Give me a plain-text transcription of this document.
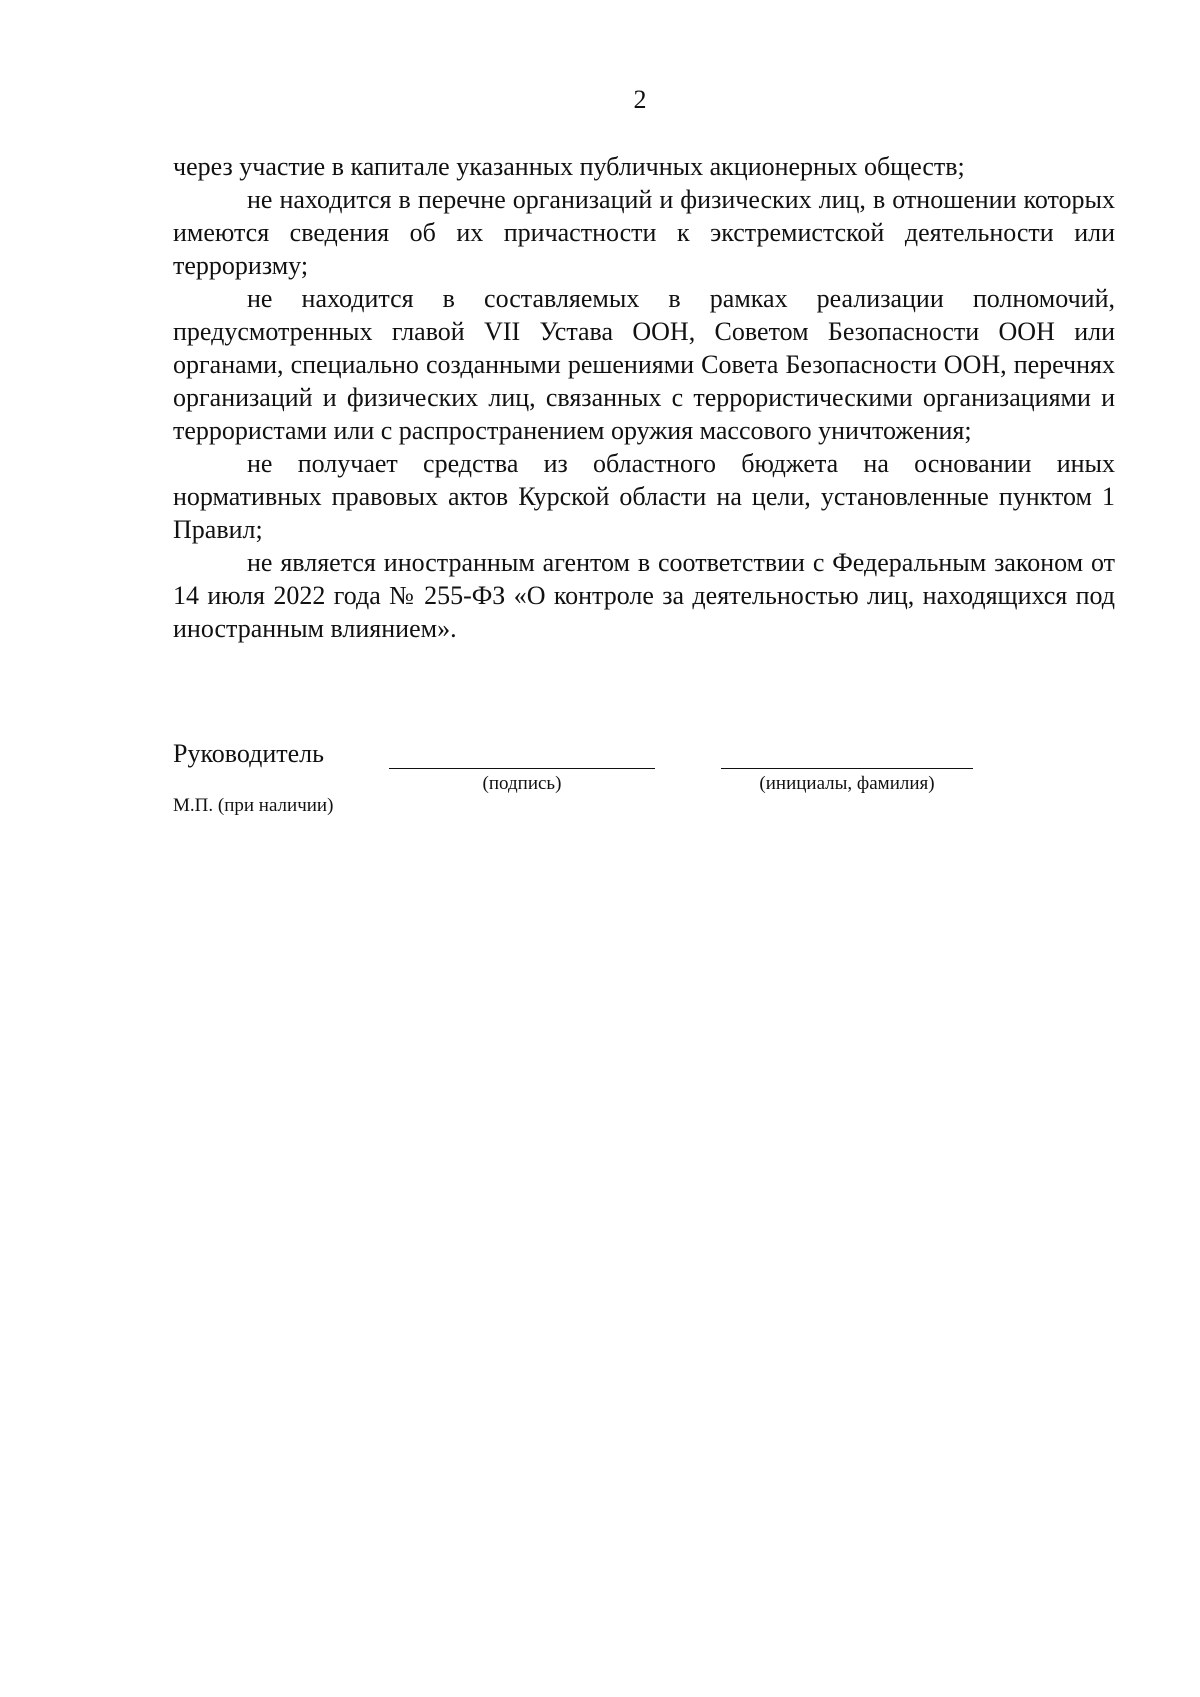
2

через участие в капитале указанных публичных акционерных обществ;

не находится в перечне организаций и физических лиц, в отношении которых имеются сведения об их причастности к экстремистской деятельности или терроризму;

не находится в составляемых в рамках реализации полномочий, предусмотренных главой VII Устава ООН, Советом Безопасности ООН или органами, специально созданными решениями Совета Безопасности ООН, перечнях организаций и физических лиц, связанных с террористическими организациями и террористами или с распространением оружия массового уничтожения;

не получает средства из областного бюджета на основании иных нормативных правовых актов Курской области на цели, установленные пунктом 1 Правил;

не является иностранным агентом в соответствии с Федеральным законом от 14 июля 2022 года № 255-ФЗ «О контроле за деятельностью лиц, находящихся под иностранным влиянием».

Руководитель
(подпись)	(инициалы, фамилия)
М.П. (при наличии)
